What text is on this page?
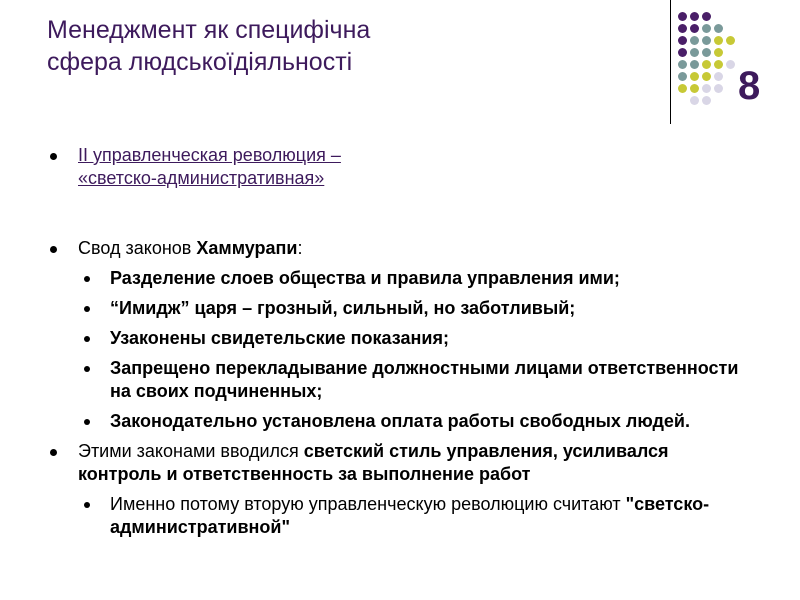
Менеджмент як специфічна
сфера людськоїдіяльності
8
II управленческая революция –
«светско-административная»
Свод законов Хаммурапи:
Разделение слоев общества и правила управления ими;
“Имидж” царя – грозный, сильный, но заботливый;
Узаконены свидетельские показания;
Запрещено перекладывание должностными лицами ответственности на своих подчиненных;
Законодательно установлена оплата работы свободных людей.
Этими законами вводился светский стиль управления, усиливался контроль и ответственность за выполнение работ
Именно потому вторую управленческую революцию считают "светско-административной"
